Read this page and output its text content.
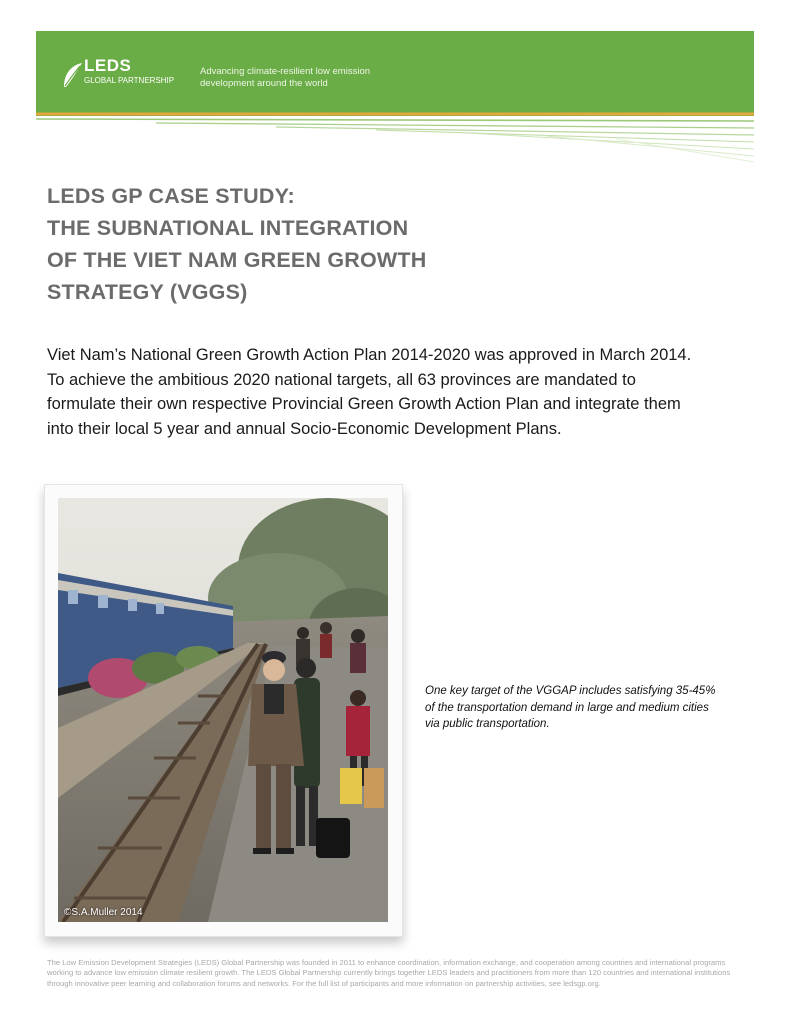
LEDS
GLOBAL PARTNERSHIP
Advancing climate-resilient low emission
development around the world
LEDS GP CASE STUDY:
THE SUBNATIONAL INTEGRATION
OF THE VIET NAM GREEN GROWTH
STRATEGY (VGGS)

Viet Nam’s National Green Growth Action Plan 2014-2020 was approved in March 2014. To achieve the ambitious 2020 national targets, all 63 provinces are mandated to formulate their own respective Provincial Green Growth Action Plan and integrate them into their local 5 year and annual Socio-Economic Development Plans.

©S.A.Muller 2014

One key target of the VGGAP includes satisfying 35-45% of the transportation demand in large and medium cities via public transportation.

The Low Emission Development Strategies (LEDS) Global Partnership was founded in 2011 to enhance coordination, information exchange, and cooperation among countries and international programs working to advance low emission climate resilient growth. The LEDS Global Partnership currently brings together LEDS leaders and practitioners from more than 120 countries and international institutions through innovative peer learning and collaboration forums and networks. For the full list of participants and more information on partnership activities, see ledsgp.org.
